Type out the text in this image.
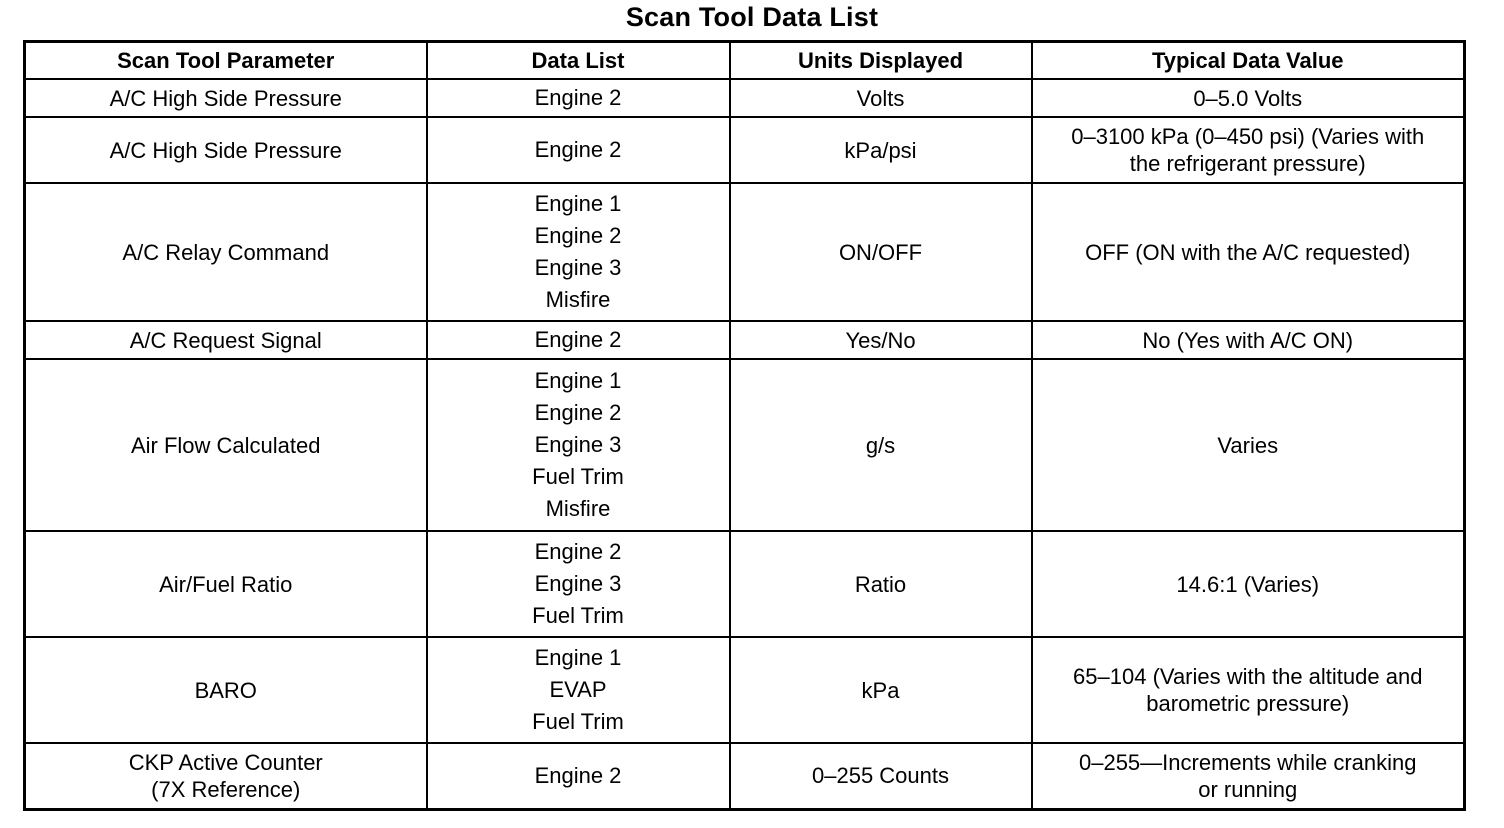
Scan Tool Data List
Scan Tool Parameter	Data List	Units Displayed	Typical Data Value

A/C High Side Pressure	Engine 2	Volts	0–5.0 Volts

A/C High Side Pressure	Engine 2	kPa/psi	0–3100 kPa (0–450 psi) (Varies with
the refrigerant pressure)

A/C Relay Command	Engine 1
Engine 2
Engine 3
Misfire	ON/OFF	OFF (ON with the A/C requested)

A/C Request Signal	Engine 2	Yes/No	No (Yes with A/C ON)

Air Flow Calculated	Engine 1
Engine 2
Engine 3
Fuel Trim
Misfire	g/s	Varies

Air/Fuel Ratio	Engine 2
Engine 3
Fuel Trim	Ratio	14.6:1 (Varies)

BARO	Engine 1
EVAP
Fuel Trim	kPa	65–104 (Varies with the altitude and
barometric pressure)

CKP Active Counter
(7X Reference)	Engine 2	0–255 Counts	0–255—Increments while cranking
or running
